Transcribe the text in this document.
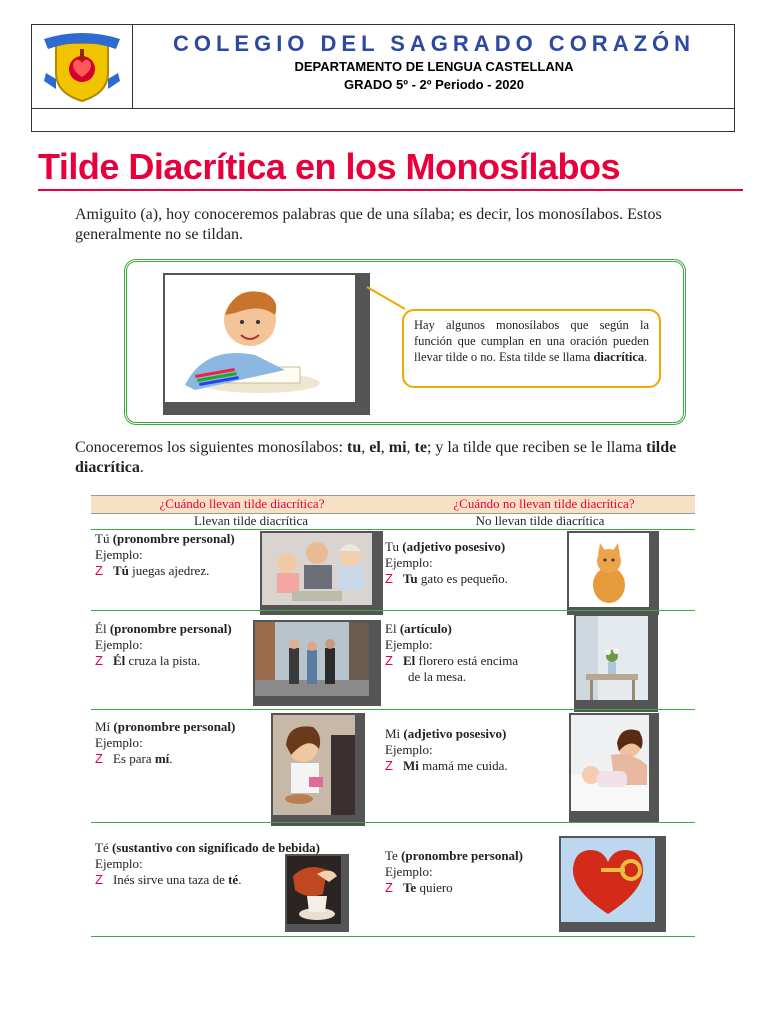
COLEGIO DEL SAGRADO CORAZÓN
DEPARTAMENTO DE LENGUA CASTELLANA
GRADO 5º - 2º Periodo - 2020
Tilde Diacrítica en los Monosílabos
Amiguito (a), hoy conoceremos palabras que de una sílaba; es decir, los monosílabos. Estos generalmente no se tildan.
Hay algunos monosílabos que según la función que cumplan en una oración pueden llevar tilde o no. Esta tilde se llama diacrítica.
Conoceremos los siguientes monosílabos: tu, el, mi, te; y la tilde que reciben se le llama tilde diacrítica.
¿Cuándo llevan tilde diacrítica?	¿Cuándo no llevan tilde diacrítica?
Llevan tilde diacrítica	No llevan tilde diacrítica
Tú (pronombre personal)
Ejemplo:
Z Tú juegas ajedrez.
Tu (adjetivo posesivo)
Ejemplo:
Z Tu gato es pequeño.
Él (pronombre personal)
Ejemplo:
Z Él cruza la pista.
El (artículo)
Ejemplo:
Z El florero está encima
de la mesa.
Mí (pronombre personal)
Ejemplo:
Z Es para mí.
Mi (adjetivo posesivo)
Ejemplo:
Z Mi mamá me cuida.
Té (sustantivo con significado de bebida)
Ejemplo:
Z Inés sirve una taza de té.
Te (pronombre personal)
Ejemplo:
Z Te quiero
